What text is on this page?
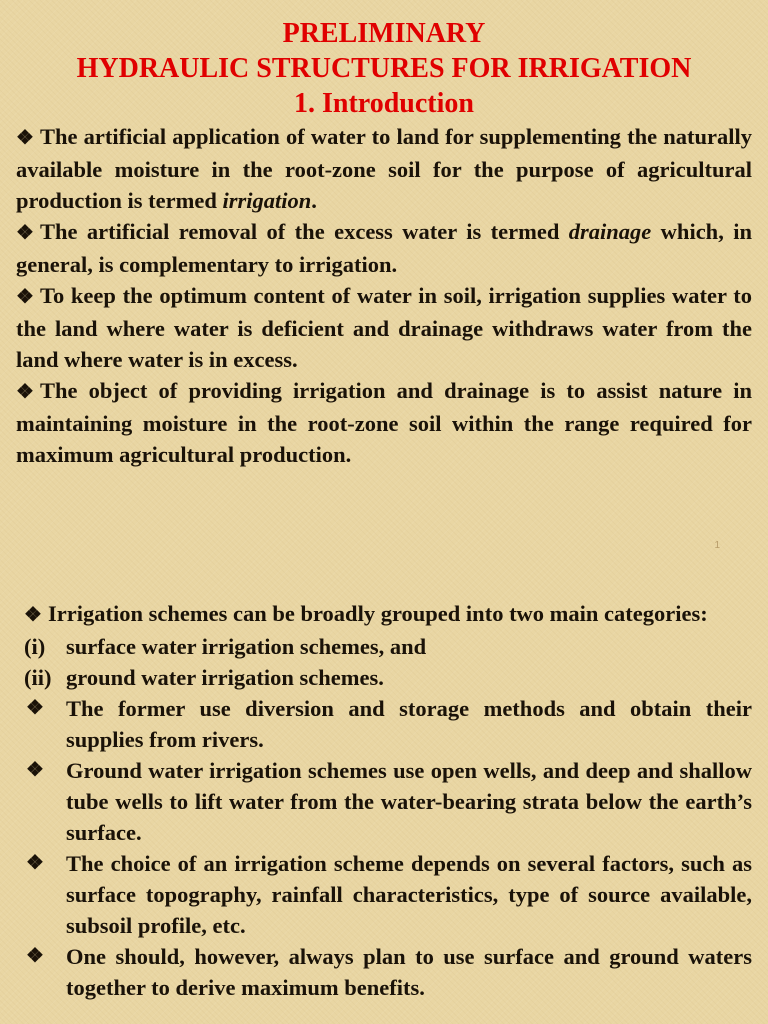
PRELIMINARY
HYDRAULIC STRUCTURES FOR IRRIGATION
1. Introduction

❖ The artificial application of water to land for supplementing the naturally available moisture in the root-zone soil for the purpose of agricultural production is termed irrigation.

❖ The artificial removal of the excess water is termed drainage which, in general, is complementary to irrigation.

❖ To keep the optimum content of water in soil, irrigation supplies water to the land where water is deficient and drainage withdraws water from the land where water is in excess.

❖ The object of providing irrigation and drainage is to assist nature in maintaining moisture in the root-zone soil within the range required for maximum agricultural production.

1

❖ Irrigation schemes can be broadly grouped into two main categories:

(i) surface water irrigation schemes, and
(ii) ground water irrigation schemes.
❖ The former use diversion and storage methods and obtain their supplies from rivers.
❖ Ground water irrigation schemes use open wells, and deep and shallow tube wells to lift water from the water-bearing strata below the earth’s surface.
❖ The choice of an irrigation scheme depends on several factors, such as surface topography, rainfall characteristics, type of source available, subsoil profile, etc.
❖ One should, however, always plan to use surface and ground waters together to derive maximum benefits.
